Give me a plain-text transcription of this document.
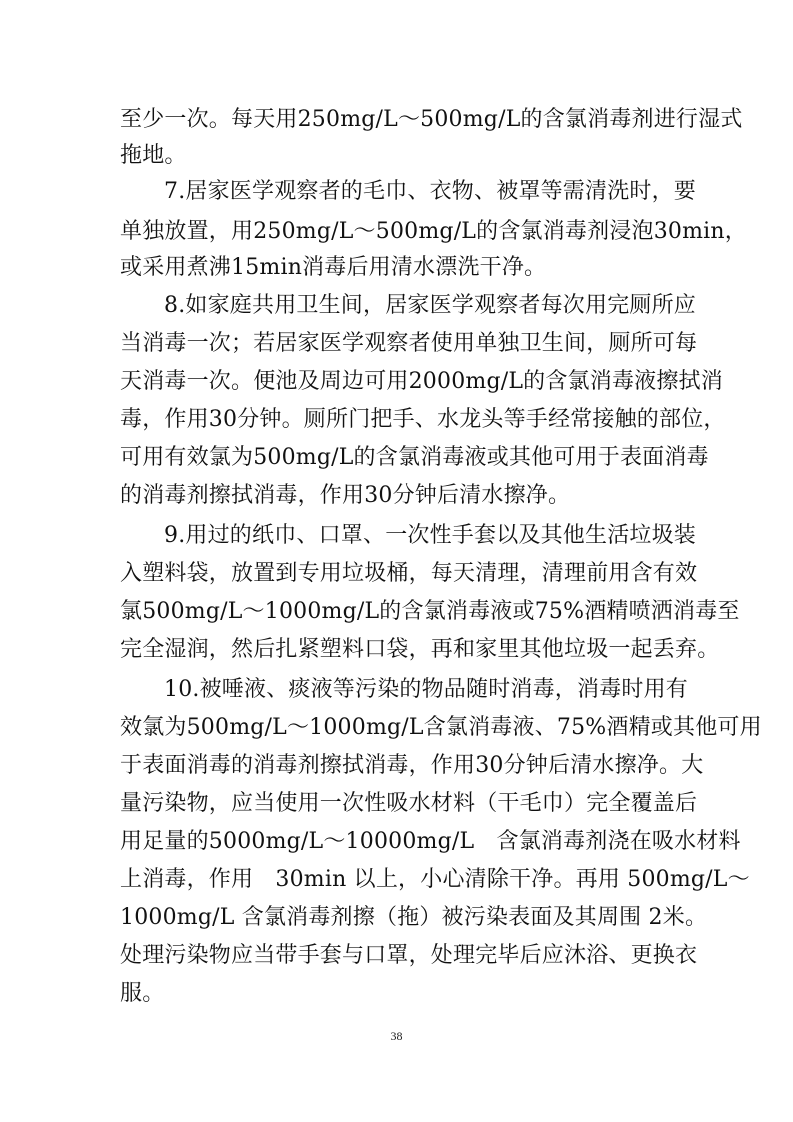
至少一次。每天用250mg/L～500mg/L的含氯消毒剂进行湿式
拖地。
7.居家医学观察者的毛巾、衣物、被罩等需清洗时，要
单独放置，用250mg/L～500mg/L的含氯消毒剂浸泡30min，
或采用煮沸15min消毒后用清水漂洗干净。
8.如家庭共用卫生间，居家医学观察者每次用完厕所应
当消毒一次；若居家医学观察者使用单独卫生间，厕所可每
天消毒一次。便池及周边可用2000mg/L的含氯消毒液擦拭消
毒，作用30分钟。厕所门把手、水龙头等手经常接触的部位，
可用有效氯为500mg/L的含氯消毒液或其他可用于表面消毒
的消毒剂擦拭消毒，作用30分钟后清水擦净。
9.用过的纸巾、口罩、一次性手套以及其他生活垃圾装
入塑料袋，放置到专用垃圾桶，每天清理，清理前用含有效
氯500mg/L～1000mg/L的含氯消毒液或75%酒精喷洒消毒至
完全湿润，然后扎紧塑料口袋，再和家里其他垃圾一起丢弃。
10.被唾液、痰液等污染的物品随时消毒，消毒时用有
效氯为500mg/L～1000mg/L含氯消毒液、75%酒精或其他可用
于表面消毒的消毒剂擦拭消毒，作用30分钟后清水擦净。大
量污染物，应当使用一次性吸水材料（干毛巾）完全覆盖后
用足量的5000mg/L～10000mg/L　含氯消毒剂浇在吸水材料
上消毒，作用　30min 以上，小心清除干净。再用 500mg/L～
1000mg/L 含氯消毒剂擦（拖）被污染表面及其周围 2米。
处理污染物应当带手套与口罩，处理完毕后应沐浴、更换衣
服。
38
